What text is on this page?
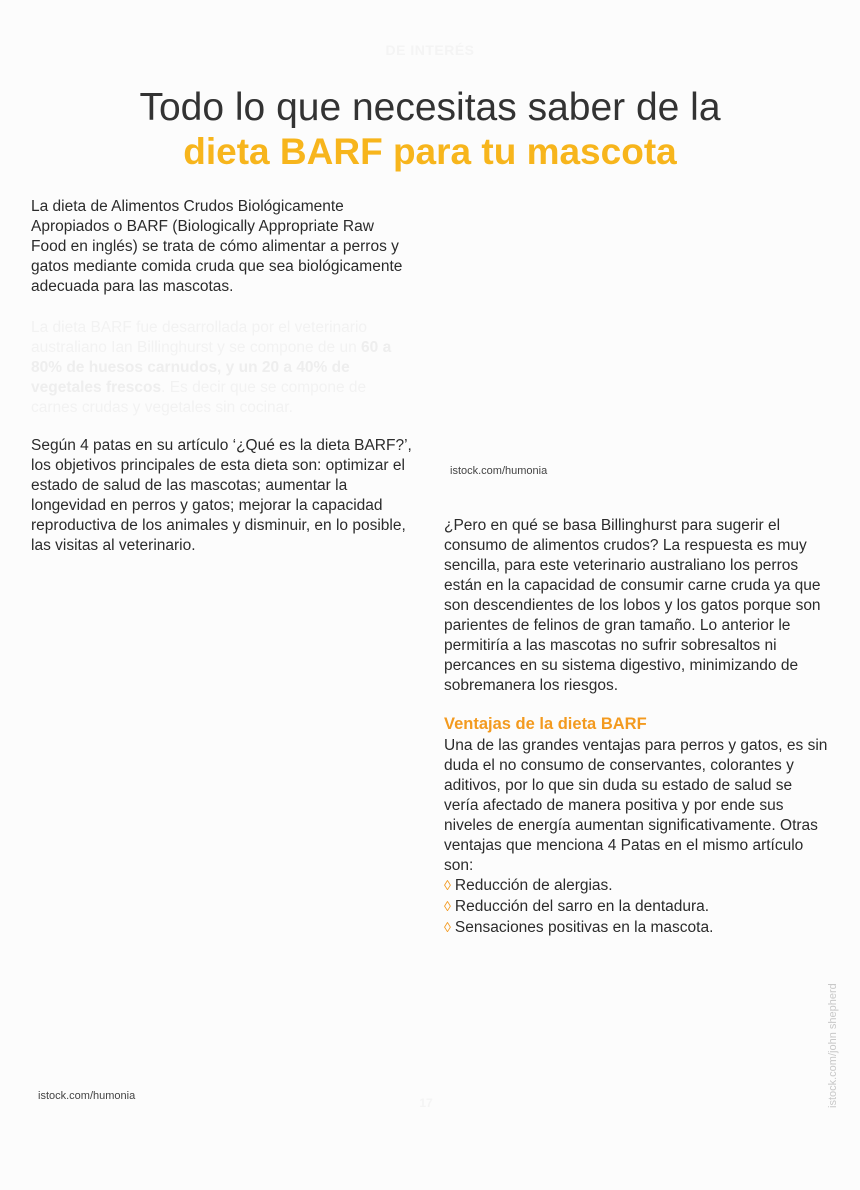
DE INTERÉS
Todo lo que necesitas saber de la
dieta BARF para tu mascota

La dieta de Alimentos Crudos Biológicamente Apropiados o BARF (Biologically Appropriate Raw Food en inglés) se trata de cómo alimentar a perros y gatos mediante comida cruda que sea biológicamente adecuada para las mascotas.

La dieta BARF fue desarrollada por el veterinario australiano Ian Billinghurst y se compone de un 60 a 80% de huesos carnudos, y un 20 a 40% de vegetales frescos. Es decir que se compone de carnes crudas y vegetales sin cocinar.

Según 4 patas en su artículo ‘¿Qué es la dieta BARF?’, los objetivos principales de esta dieta son: optimizar el estado de salud de las mascotas; aumentar la longevidad en perros y gatos; mejorar la capacidad reproductiva de los animales y disminuir, en lo posible, las visitas al veterinario.

istock.com/humonia

¿Pero en qué se basa Billinghurst para sugerir el consumo de alimentos crudos? La respuesta es muy sencilla, para este veterinario australiano los perros están en la capacidad de consumir carne cruda ya que son descendientes de los lobos y los gatos porque son parientes de felinos de gran tamaño. Lo anterior le permitiría a las mascotas no sufrir sobresaltos ni percances en su sistema digestivo, minimizando de sobremanera los riesgos.

Ventajas de la dieta BARF

Una de las grandes ventajas para perros y gatos, es sin duda el no consumo de conservantes, colorantes y aditivos, por lo que sin duda su estado de salud se vería afectado de manera positiva y por ende sus niveles de energía aumentan significativamente. Otras ventajas que menciona 4 Patas en el mismo artículo son:

◊ Reducción de alergias.
◊ Reducción del sarro en la dentadura.
◊ Sensaciones positivas en la mascota.
istock.com/humonia	istock.com/john shepherd
17
